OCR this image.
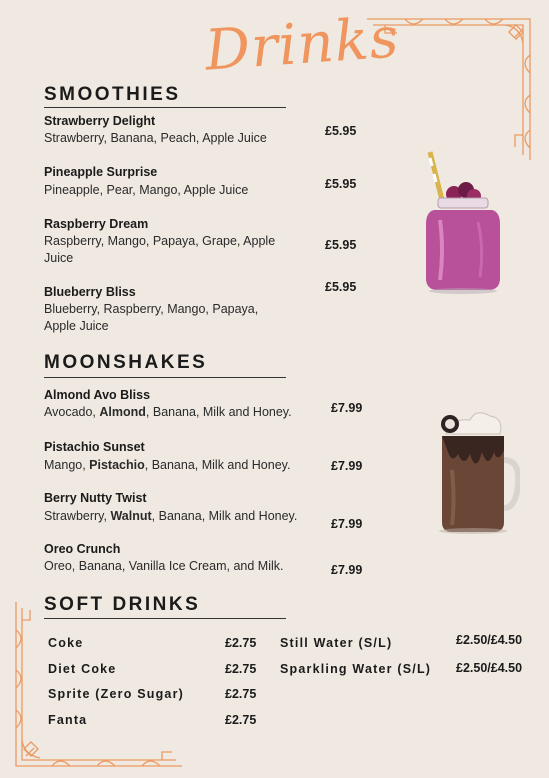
Drinks
SMOOTHIES
Strawberry Delight
Strawberry, Banana, Peach, Apple Juice	£5.95
Pineapple Surprise
Pineapple, Pear, Mango, Apple Juice	£5.95
Raspberry Dream
Raspberry, Mango, Papaya, Grape, Apple
Juice
£5.95
Blueberry Bliss
Blueberry, Raspberry, Mango, Papaya,
Apple Juice
£5.95
MOONSHAKES
Almond Avo Bliss
Avocado, Almond, Banana, Milk and Honey.	£7.99
Pistachio Sunset
Mango, Pistachio, Banana, Milk and Honey.	£7.99
Berry Nutty Twist
Strawberry, Walnut, Banana, Milk and Honey.
£7.99
Oreo Crunch
Oreo, Banana, Vanilla Ice Cream, and Milk.	£7.99
SOFT DRINKS
Coke	£2.75
Diet Coke	£2.75
Sprite (Zero Sugar)	£2.75
Fanta	£2.75
Still Water (S/L)	£2.50/£4.50
Sparkling Water (S/L) £2.50/£4.50
